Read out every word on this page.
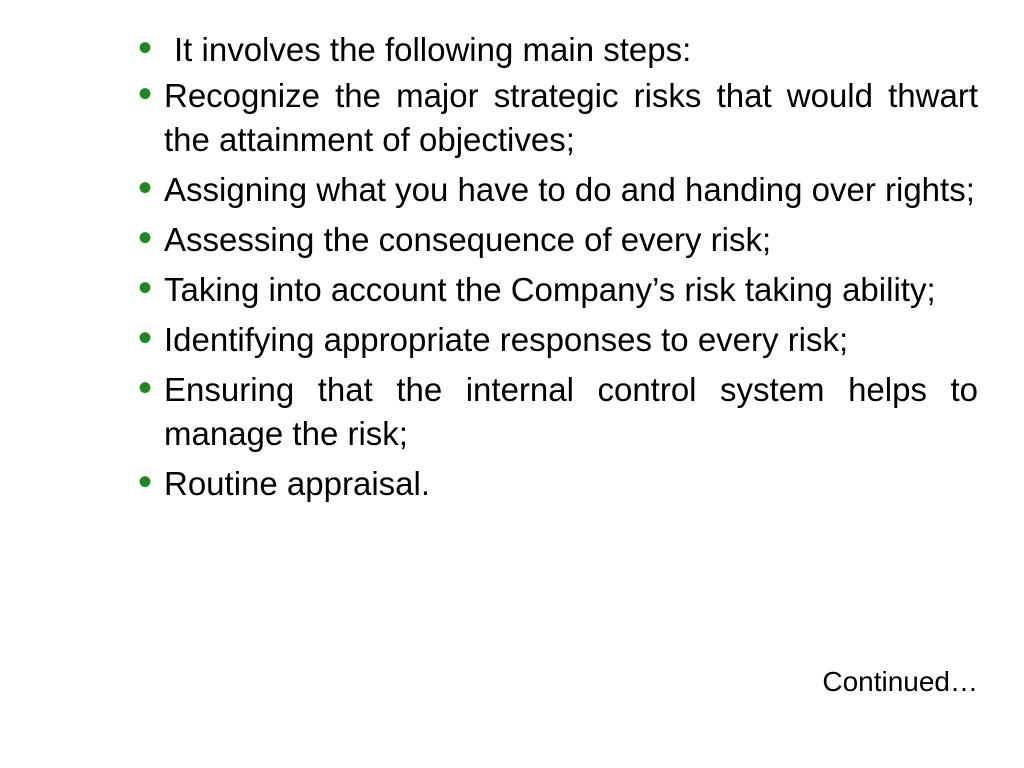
• It involves the following main steps:
• Recognize the major strategic risks that would thwart the attainment of objectives;
• Assigning what you have to do and handing over rights;
• Assessing the consequence of every risk;
• Taking into account the Company’s risk taking ability;
• Identifying appropriate responses to every risk;
• Ensuring that the internal control system helps to manage the risk;
• Routine appraisal.
Continued…
